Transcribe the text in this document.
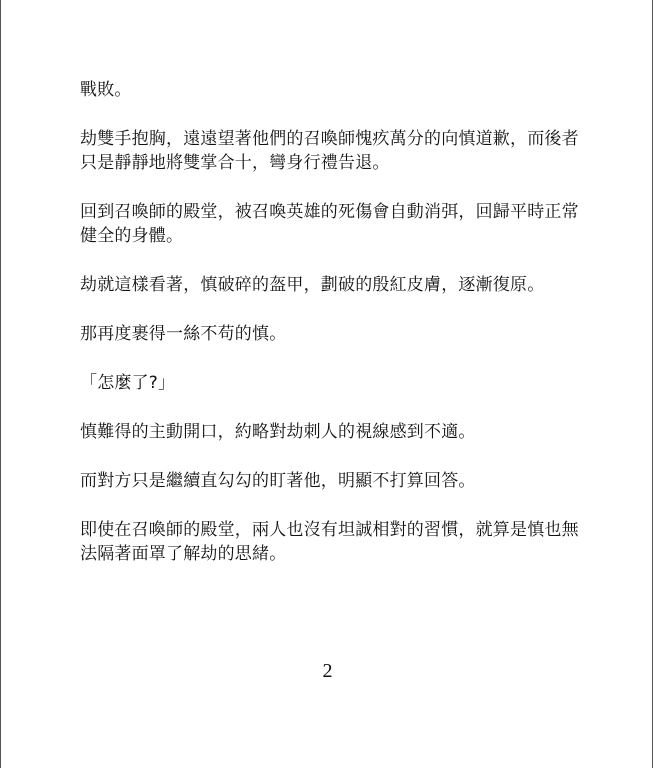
戰敗。

劫雙手抱胸，遠遠望著他們的召喚師愧疚萬分的向慎道歉，而後者只是靜靜地將雙掌合十，彎身行禮告退。

回到召喚師的殿堂，被召喚英雄的死傷會自動消弭，回歸平時正常健全的身體。

劫就這樣看著，慎破碎的盔甲，劃破的殷紅皮膚，逐漸復原。

那再度裹得一絲不苟的慎。

「怎麼了?」

慎難得的主動開口，約略對劫刺人的視線感到不適。

而對方只是繼續直勾勾的盯著他，明顯不打算回答。

即使在召喚師的殿堂，兩人也沒有坦誠相對的習慣，就算是慎也無法隔著面罩了解劫的思緒。

2
